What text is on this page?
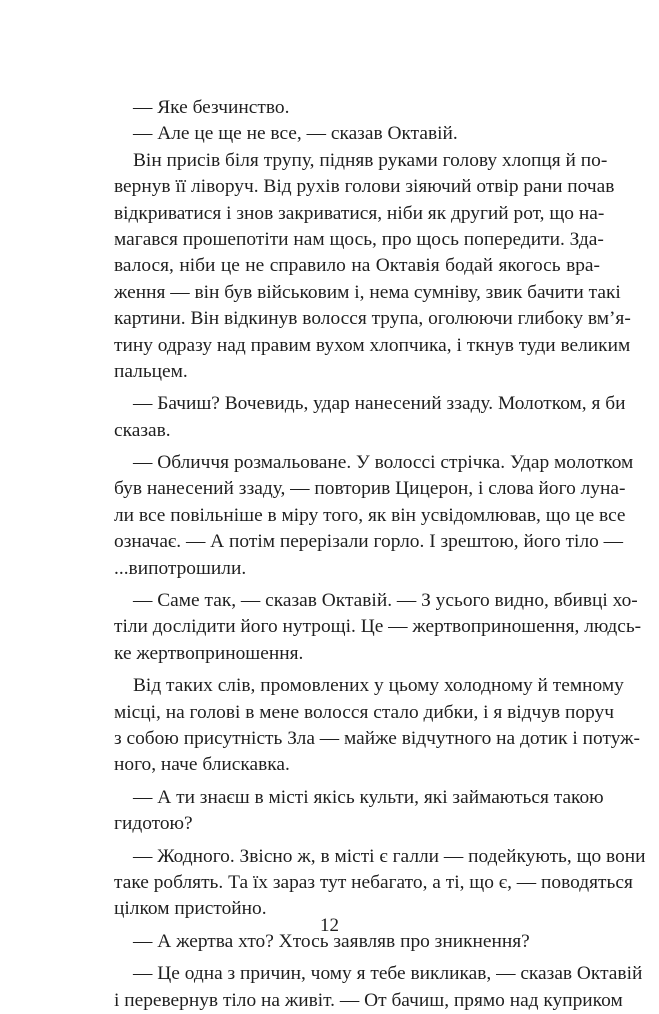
— Яке безчинство.
— Але це ще не все, — сказав Октавій.
Він присів біля трупу, підняв руками голову хлопця й по-
вернув її ліворуч. Від рухів голови зіяючий отвір рани почав
відкриватися і знов закриватися, ніби як другий рот, що на-
магався прошепотіти нам щось, про щось попередити. Зда-
валося, ніби це не справило на Октавія бодай якогось вра-
ження — він був військовим і, нема сумніву, звик бачити такі
картини. Він відкинув волосся трупа, оголюючи глибоку вм’я-
тину одразу над правим вухом хлопчика, і ткнув туди великим
пальцем.
— Бачиш? Вочевидь, удар нанесений ззаду. Молотком, я би
сказав.
— Обличчя розмальоване. У волоссі стрічка. Удар молотком
був нанесений ззаду, — повторив Цицерон, і слова його луна-
ли все повільніше в міру того, як він усвідомлював, що це все
означає. — А потім перерізали горло. І зрештою, його тіло —
...випотрошили.
— Саме так, — сказав Октавій. — З усього видно, вбивці хо-
тіли дослідити його нутрощі. Це — жертвоприношення, людсь-
ке жертвоприношення.
Від таких слів, промовлених у цьому холодному й темному
місці, на голові в мене волосся стало дибки, і я відчув поруч
з собою присутність Зла — майже відчутного на дотик і потуж-
ного, наче блискавка.
— А ти знаєш в місті якісь культи, які займаються такою
гидотою?
— Жодного. Звісно ж, в місті є галли — подейкують, що вони
таке роблять. Та їх зараз тут небагато, а ті, що є, — поводяться
цілком пристойно.
— А жертва хто? Хтось заявляв про зникнення?
— Це одна з причин, чому я тебе викликав, — сказав Октавій
і перевернув тіло на живіт. — От бачиш, прямо над куприком
12
